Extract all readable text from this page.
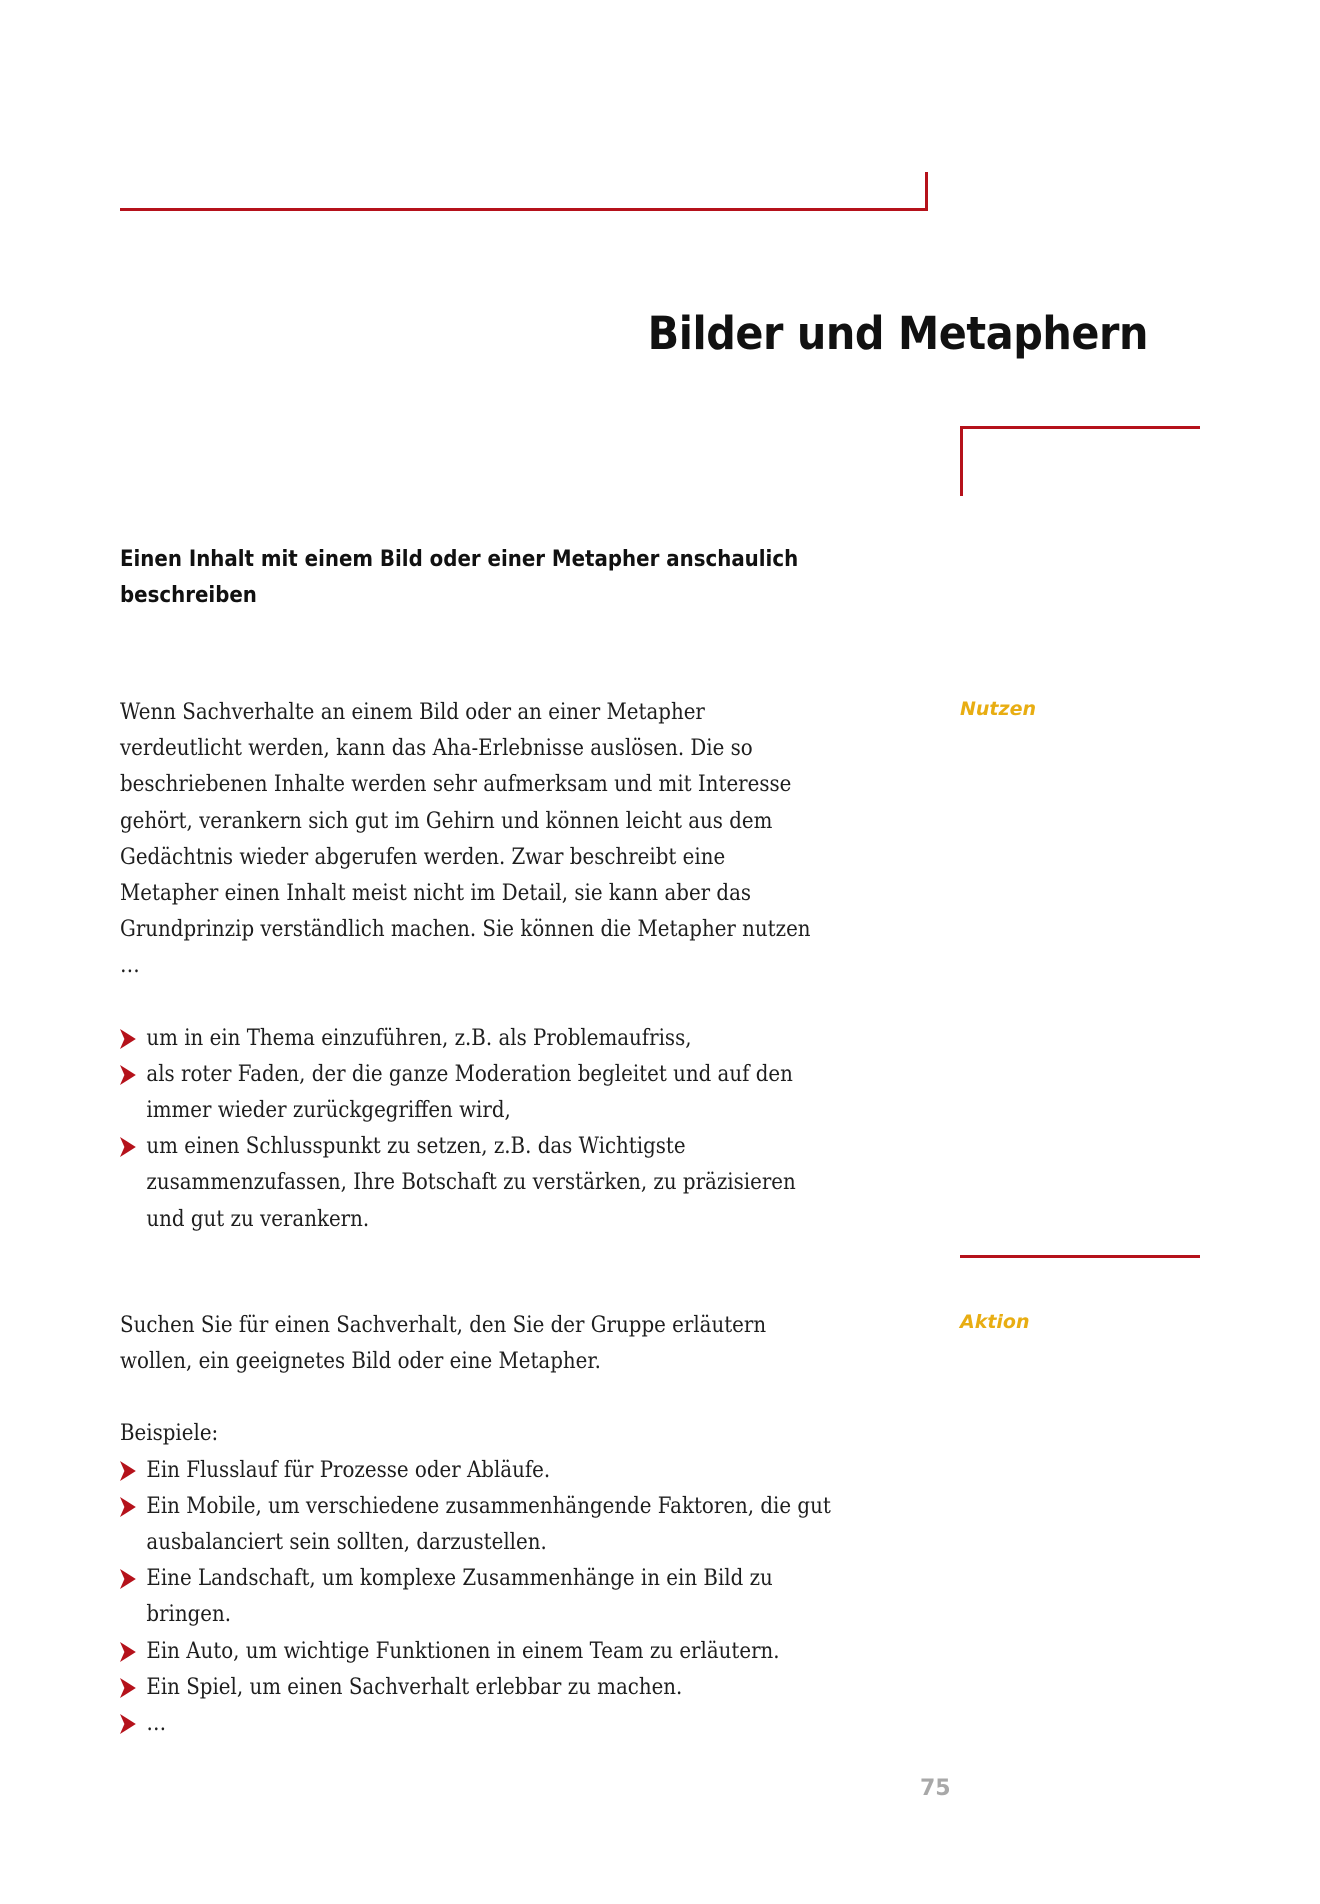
Bilder und Metaphern
Einen Inhalt mit einem Bild oder einer Metapher anschaulich beschreiben
Nutzen

Wenn Sachverhalte an einem Bild oder an einer Metapher verdeutlicht werden, kann das Aha-Erlebnisse auslösen. Die so beschriebenen Inhalte werden sehr aufmerksam und mit Interesse gehört, verankern sich gut im Gehirn und können leicht aus dem Gedächtnis wieder abgerufen werden. Zwar beschreibt eine Metapher einen Inhalt meist nicht im Detail, sie kann aber das Grundprinzip verständlich machen. Sie können die Metapher nutzen …

um in ein Thema einzuführen, z.B. als Problemaufriss,
als roter Faden, der die ganze Moderation begleitet und auf den immer wieder zurückgegriffen wird,
um einen Schlusspunkt zu setzen, z.B. das Wichtigste zusammenzufassen, Ihre Botschaft zu verstärken, zu präzisieren und gut zu verankern.
Aktion

Suchen Sie für einen Sachverhalt, den Sie der Gruppe erläutern wollen, ein geeignetes Bild oder eine Metapher.

Beispiele:

Ein Flusslauf für Prozesse oder Abläufe.
Ein Mobile, um verschiedene zusammenhängende Faktoren, die gut ausbalanciert sein sollten, darzustellen.
Eine Landschaft, um komplexe Zusammenhänge in ein Bild zu bringen.
Ein Auto, um wichtige Funktionen in einem Team zu erläutern.
Ein Spiel, um einen Sachverhalt erlebbar zu machen.
…
75
